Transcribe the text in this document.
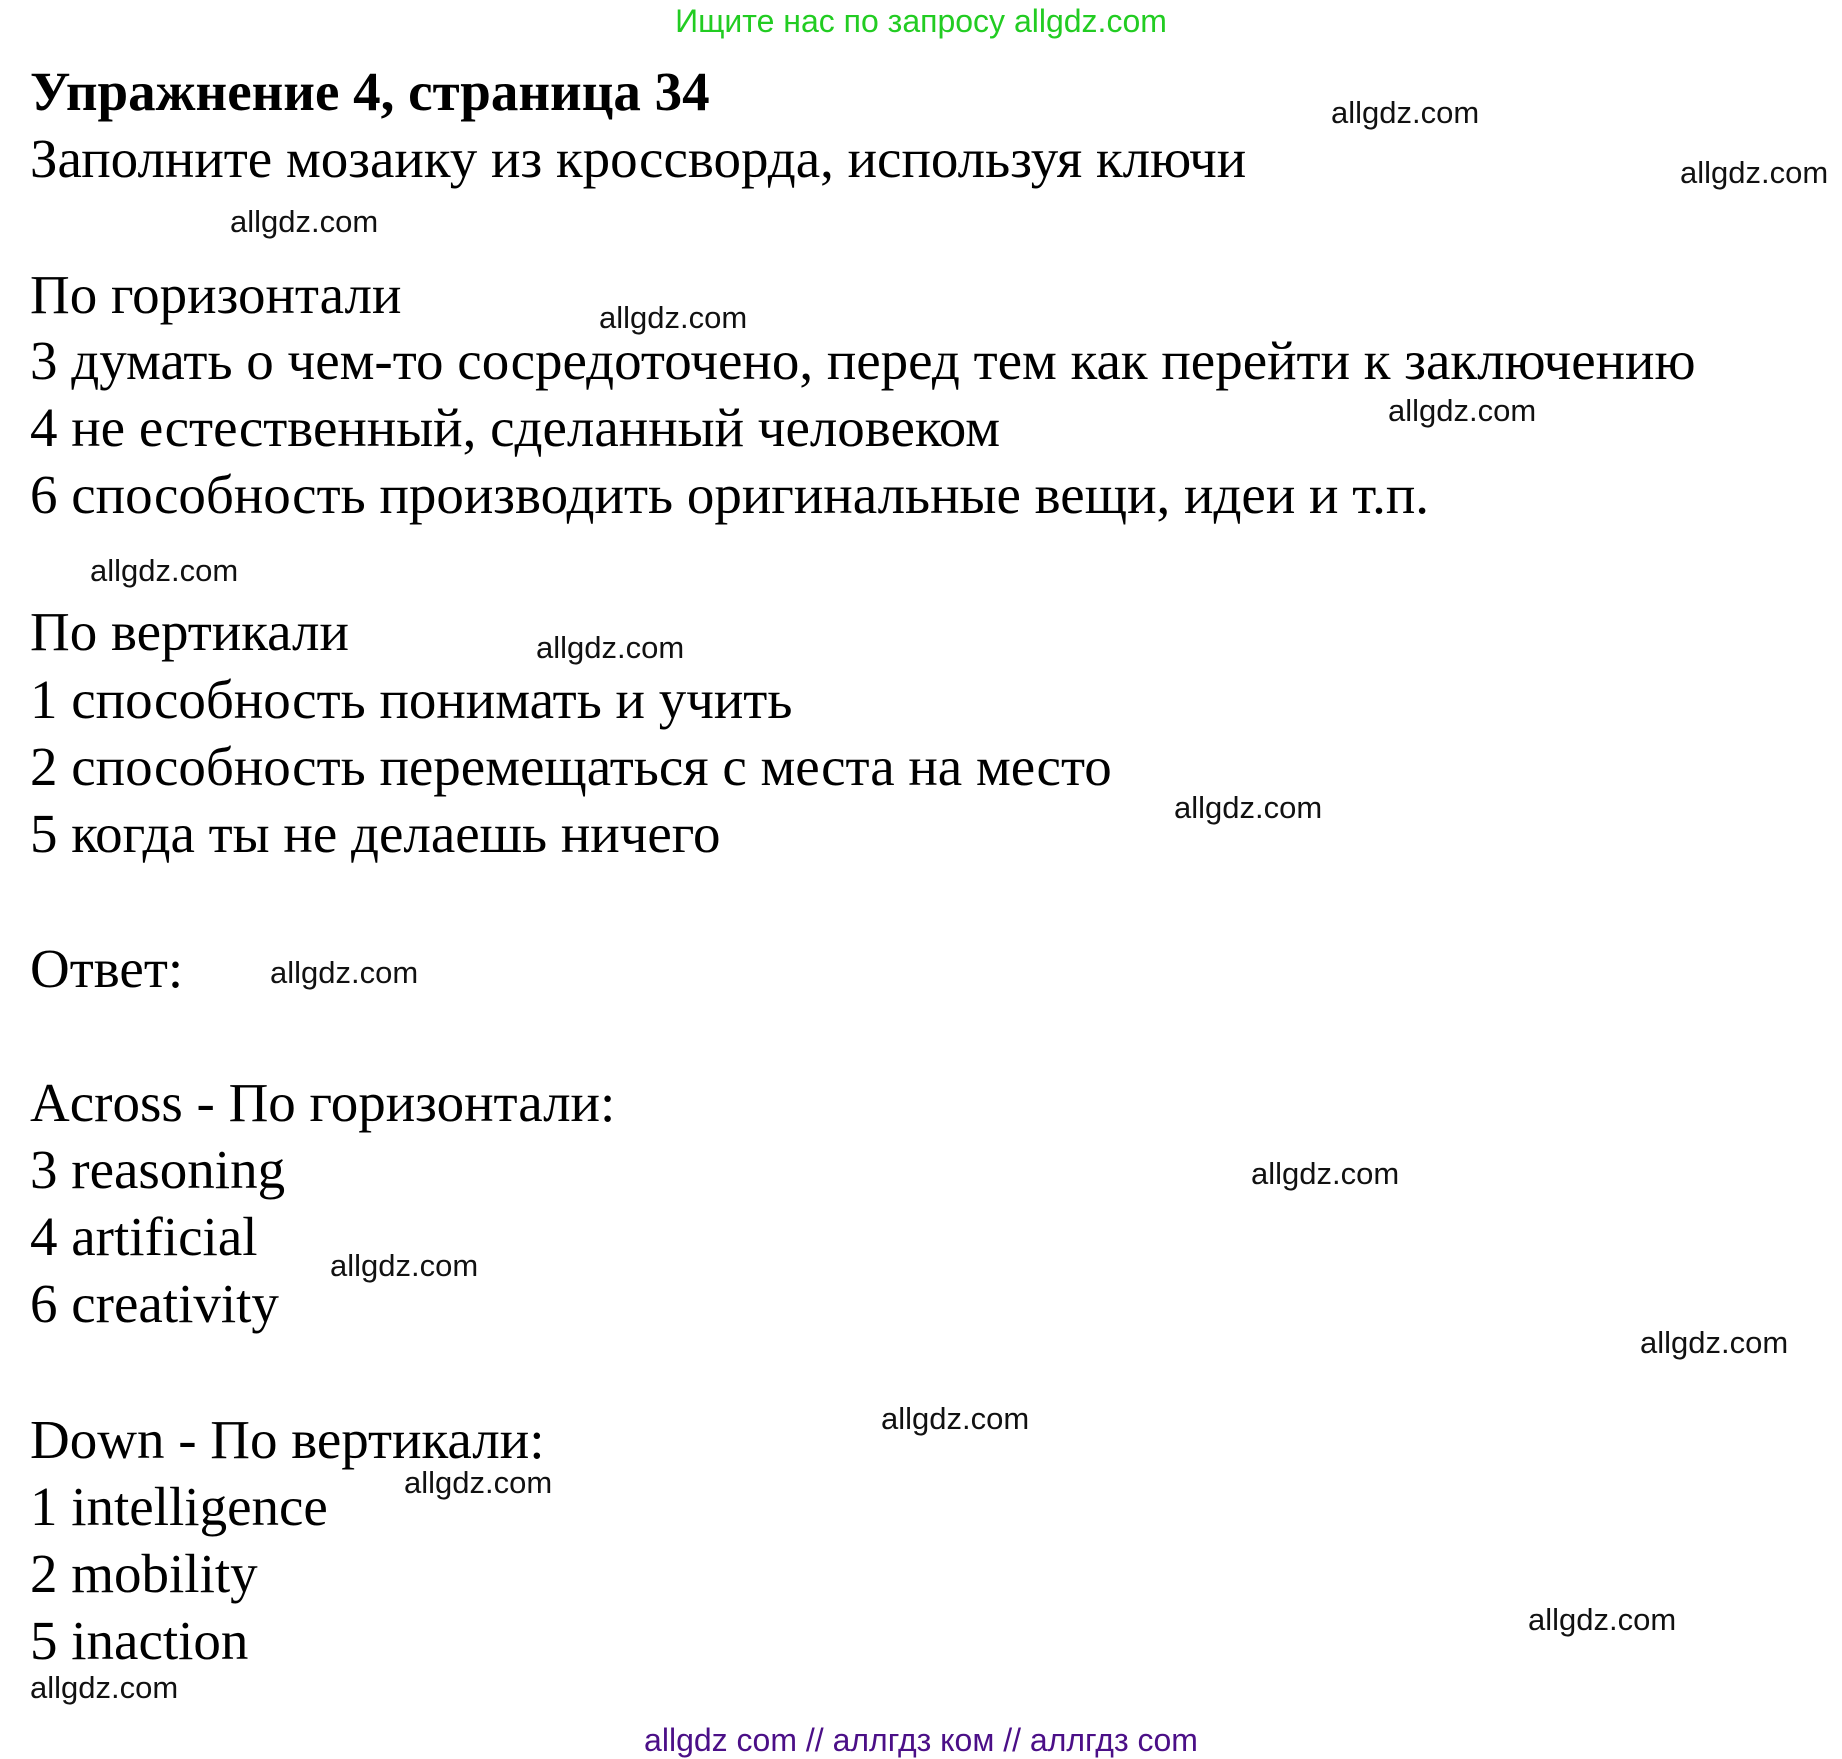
Ищите нас по запросу allgdz.com
Упражнение 4, страница 34
Заполните мозаику из кроссворда, используя ключи
По горизонтали
3 думать о чем-то сосредоточено, перед тем как перейти к заключению
4 не естественный, сделанный человеком
6 способность производить оригинальные вещи, идеи и т.п.
По вертикали
1 способность понимать и учить
2 способность перемещаться с места на место
5 когда ты не делаешь ничего
Ответ:
Across - По горизонтали:
3 reasoning
4 artificial
6 creativity
Down - По вертикали:
1 intelligence
2 mobility
5 inaction
allgdz.com
allgdz.com
allgdz.com
allgdz.com
allgdz.com
allgdz.com
allgdz.com
allgdz.com
allgdz.com
allgdz.com
allgdz.com
allgdz.com
allgdz.com
allgdz.com
allgdz.com
allgdz.com
allgdz com // аллгдз ком // аллгдз com
